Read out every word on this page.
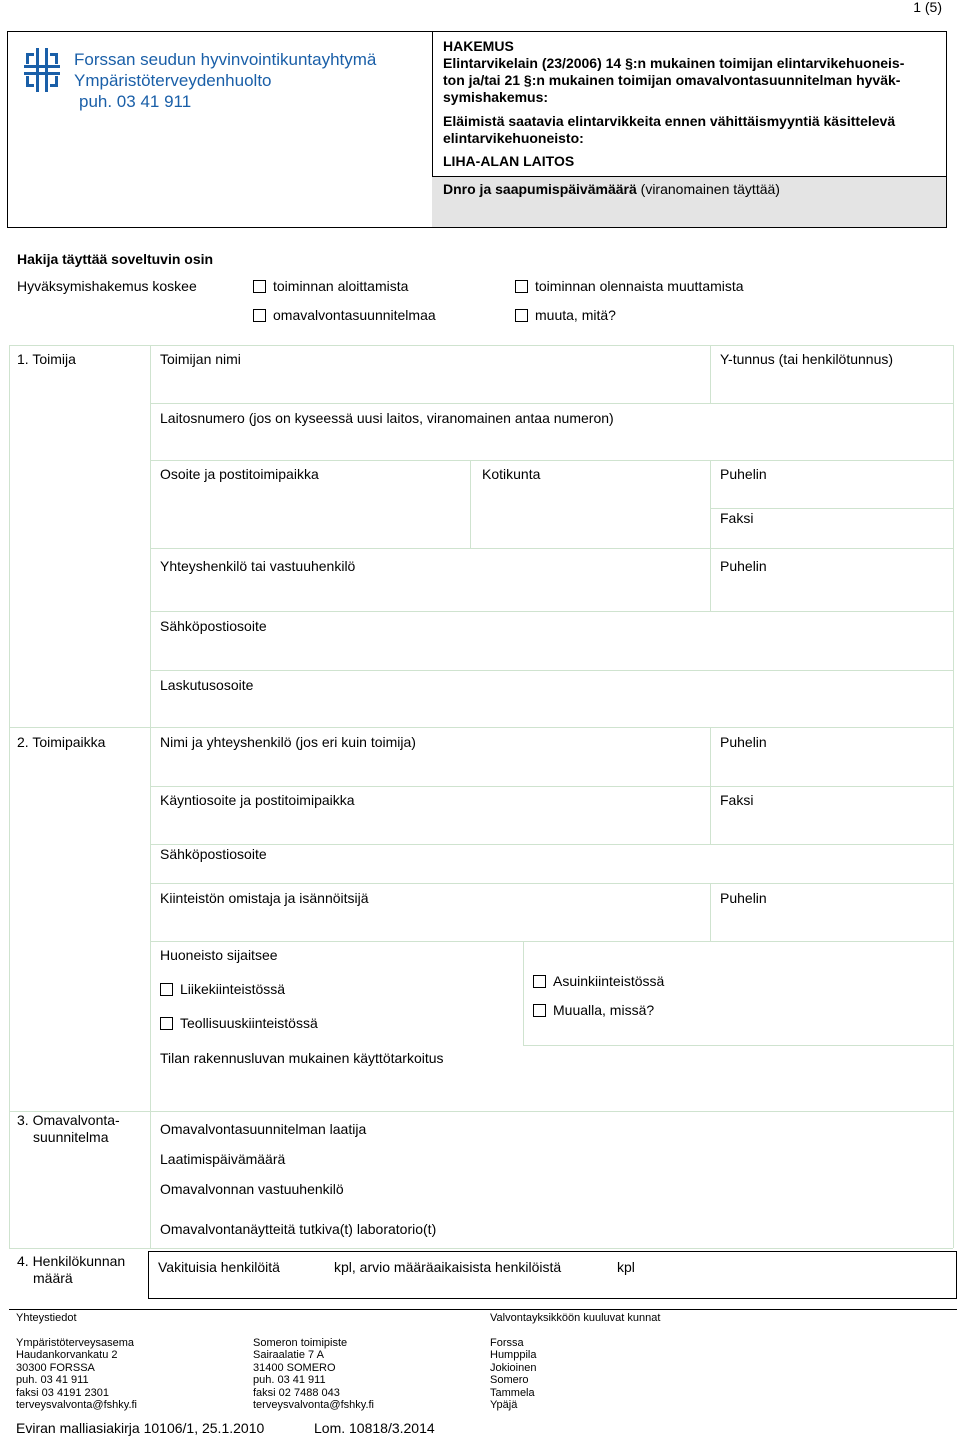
1 (5)
Forssan seudun hyvinvointikuntayhtymä
Ympäristöterveydenhuolto
puh. 03 41 911
HAKEMUS
Elintarvikelain (23/2006) 14 §:n mukainen toimijan elintarvikehuoneis-
ton ja/tai 21 §:n mukainen toimijan omavalvontasuunnitelman hyväk-
symishakemus:
Eläimistä saatavia elintarvikkeita ennen vähittäismyyntiä käsittelevä
elintarvikehuoneisto:
LIHA-ALAN LAITOS
Dnro ja saapumispäivämäärä (viranomainen täyttää)
Hakija täyttää soveltuvin osin
Hyväksymishakemus koskee	toiminnan aloittamista	toiminnan olennaista muuttamista
omavalvontasuunnitelmaa	muuta, mitä?
1. Toimija	Toimijan nimi	Y-tunnus (tai henkilötunnus)
Laitosnumero (jos on kyseessä uusi laitos, viranomainen antaa numeron)
Osoite ja postitoimipaikka	Kotikunta	Puhelin
Faksi
Yhteyshenkilö tai vastuuhenkilö	Puhelin
Sähköpostiosoite
Laskutusosoite
2. Toimipaikka	Nimi ja yhteyshenkilö (jos eri kuin toimija)	Puhelin
Käyntiosoite ja postitoimipaikka	Faksi
Sähköpostiosoite
Kiinteistön omistaja ja isännöitsijä	Puhelin
Huoneisto sijaitsee
Liikekiinteistössä
Teollisuuskiinteistössä
Asuinkiinteistössä
Muualla, missä?
Tilan rakennusluvan mukainen käyttötarkoitus
3. Omavalvonta-
suunnitelma	Omavalvontasuunnitelman laatija
Laatimispäivämäärä
Omavalvonnan vastuuhenkilö
Omavalvontanäytteitä tutkiva(t) laboratorio(t)
4. Henkilökunnan
määrä
Vakituisia henkilöitä	kpl, arvio määräaikaisista henkilöistä	kpl
Yhteystiedot	Valvontayksikköön kuuluvat kunnat
Ympäristöterveysasema
Haudankorvankatu 2
30300 FORSSA
puh. 03 41 911
faksi 03 4191 2301
terveysvalvonta@fshky.fi
Someron toimipiste
Sairaalatie 7 A
31400 SOMERO
puh. 03 41 911
faksi 02 7488 043
terveysvalvonta@fshky.fi
Forssa
Humppila
Jokioinen
Somero
Tammela
Ypäjä
Eviran malliasiakirja 10106/1, 25.1.2010	Lom. 10818/3.2014
